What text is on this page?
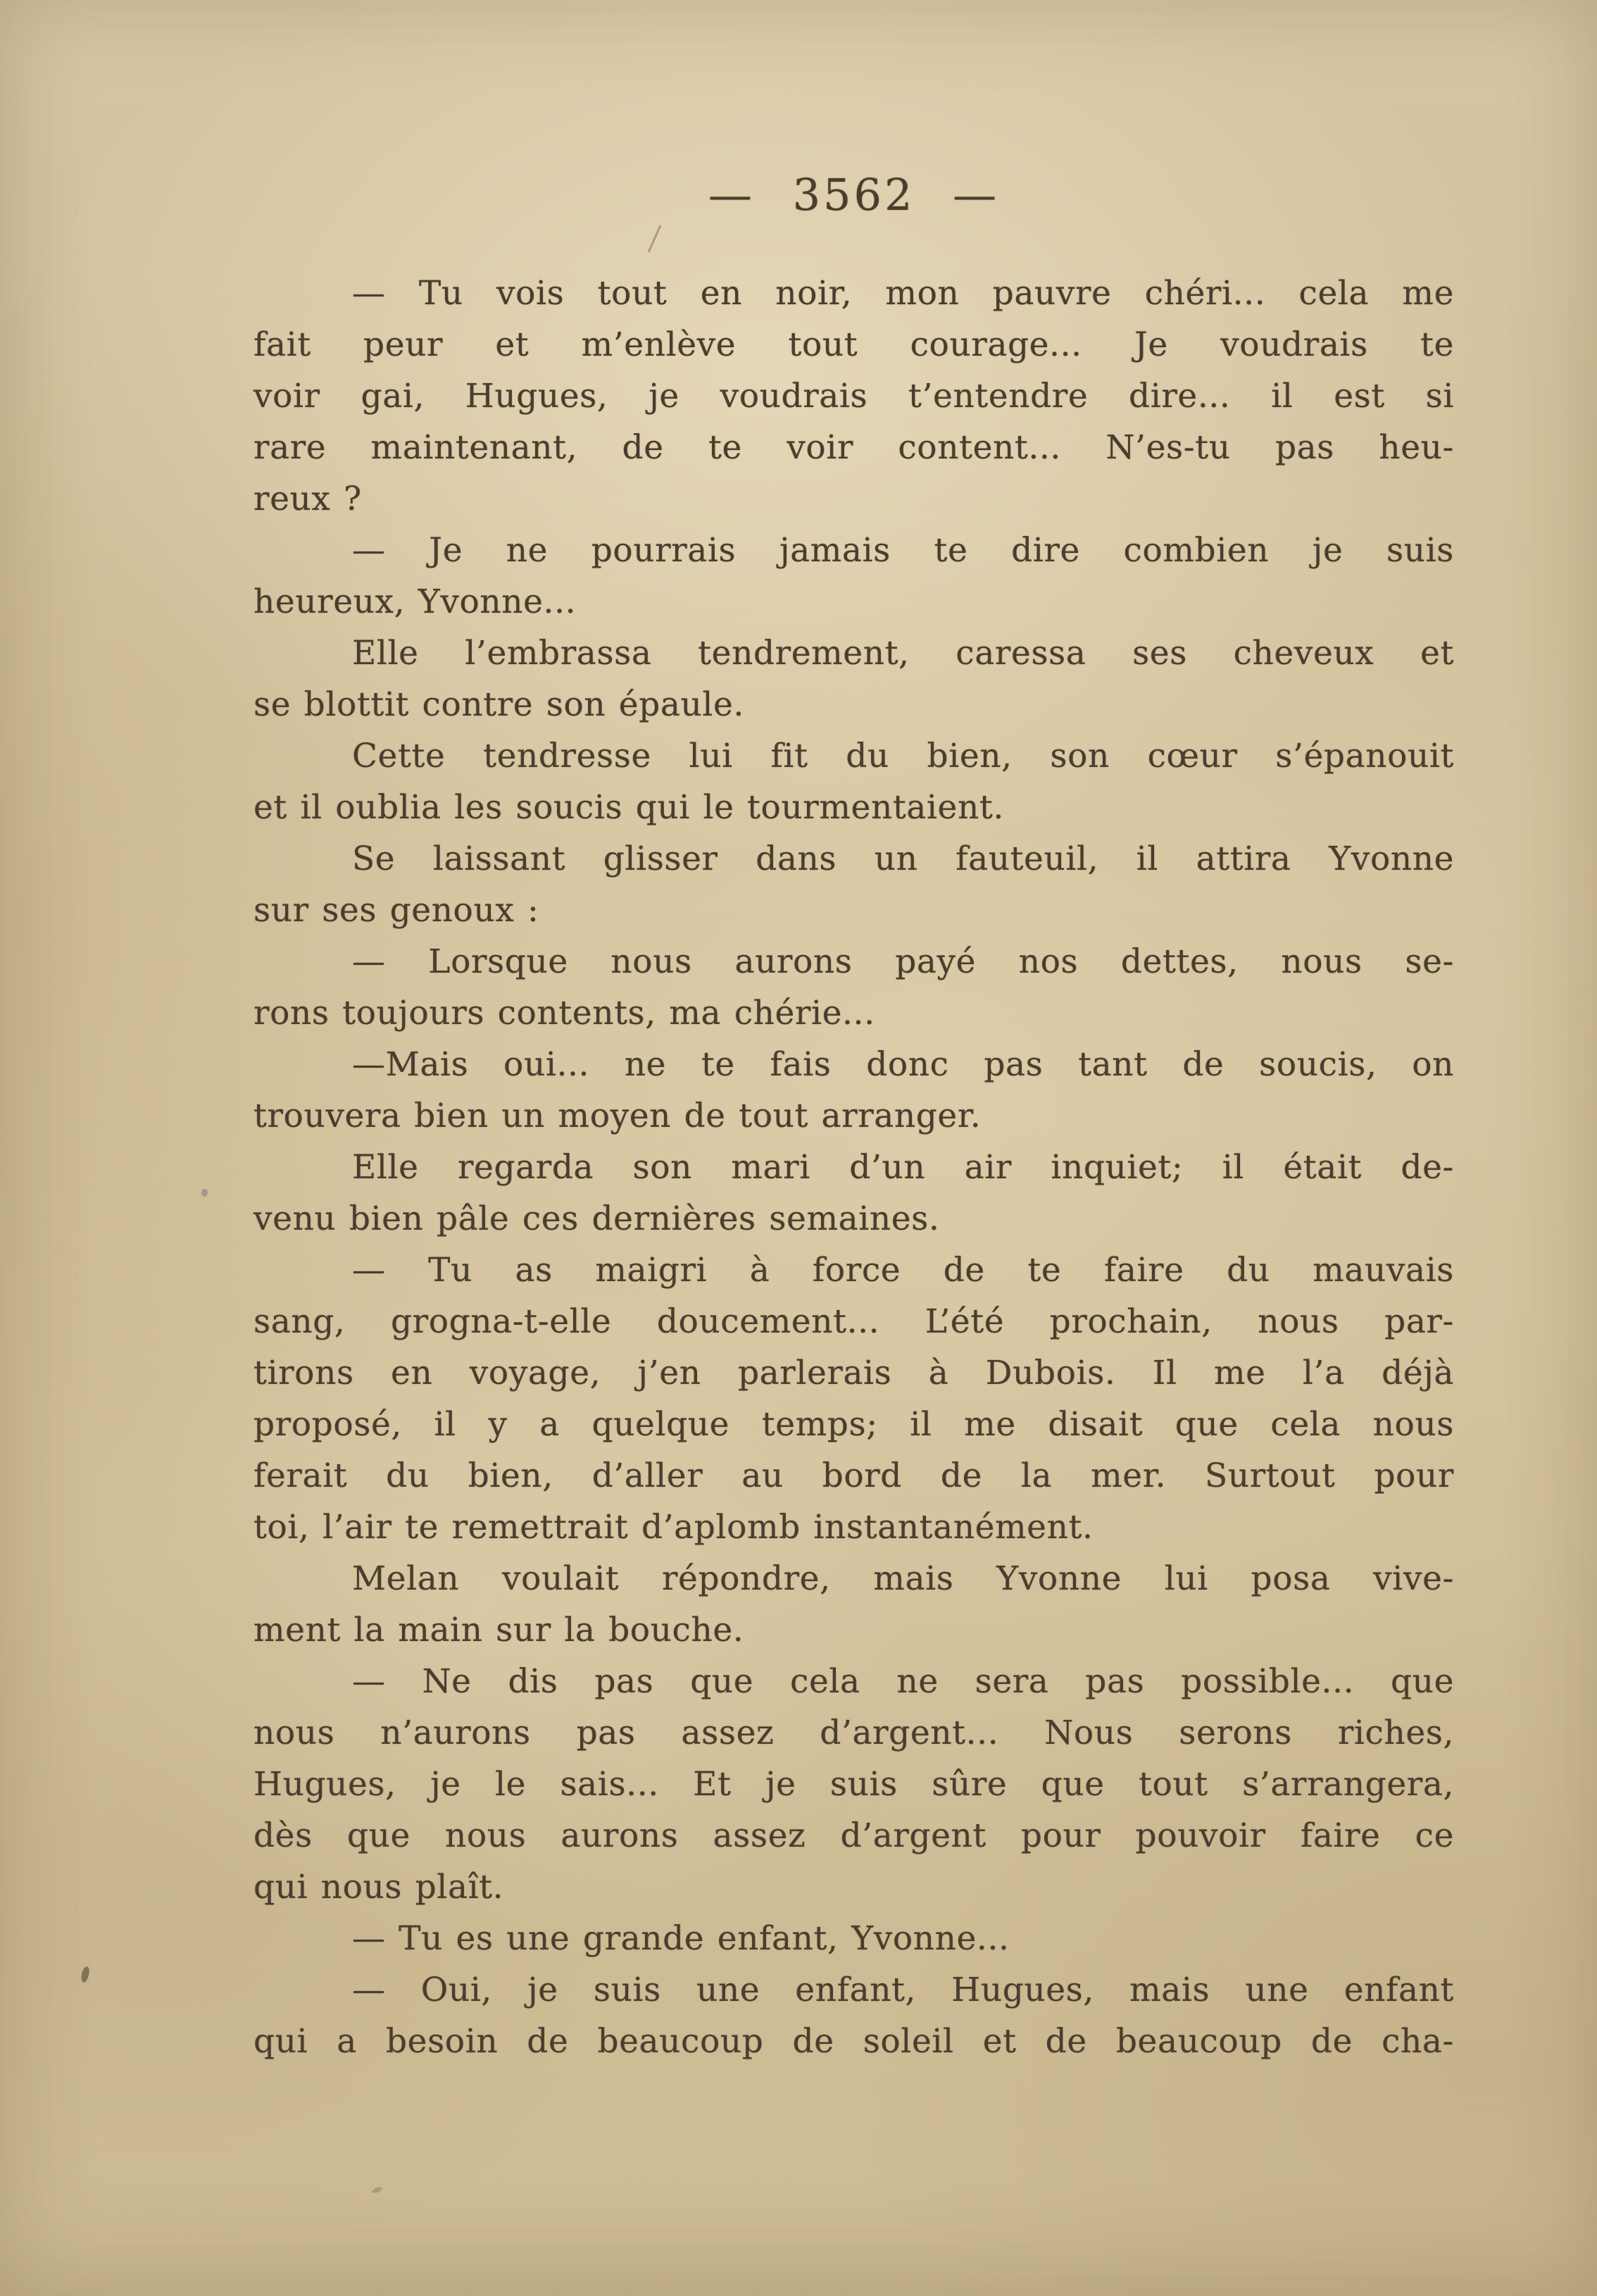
— 3562 —
— Tu vois tout en noir, mon pauvre chéri... cela me
fait peur et m’enlève tout courage... Je voudrais te
voir gai, Hugues, je voudrais t’entendre dire... il est si
rare maintenant, de te voir content... N’es-tu pas heu-
reux ?
— Je ne pourrais jamais te dire combien je suis
heureux, Yvonne...
Elle l’embrassa tendrement, caressa ses cheveux et
se blottit contre son épaule.
Cette tendresse lui fit du bien, son cœur s’épanouit
et il oublia les soucis qui le tourmentaient.
Se laissant glisser dans un fauteuil, il attira Yvonne
sur ses genoux :
— Lorsque nous aurons payé nos dettes, nous se-
rons toujours contents, ma chérie...
—Mais oui... ne te fais donc pas tant de soucis, on
trouvera bien un moyen de tout arranger.
Elle regarda son mari d’un air inquiet; il était de-
venu bien pâle ces dernières semaines.
— Tu as maigri à force de te faire du mauvais
sang, grogna-t-elle doucement... L’été prochain, nous par-
tirons en voyage, j’en parlerais à Dubois. Il me l’a déjà
proposé, il y a quelque temps; il me disait que cela nous
ferait du bien, d’aller au bord de la mer. Surtout pour
toi, l’air te remettrait d’aplomb instantanément.
Melan voulait répondre, mais Yvonne lui posa vive-
ment la main sur la bouche.
— Ne dis pas que cela ne sera pas possible... que
nous n’aurons pas assez d’argent... Nous serons riches,
Hugues, je le sais... Et je suis sûre que tout s’arrangera,
dès que nous aurons assez d’argent pour pouvoir faire ce
qui nous plaît.
— Tu es une grande enfant, Yvonne...
— Oui, je suis une enfant, Hugues, mais une enfant
qui a besoin de beaucoup de soleil et de beaucoup de cha-
